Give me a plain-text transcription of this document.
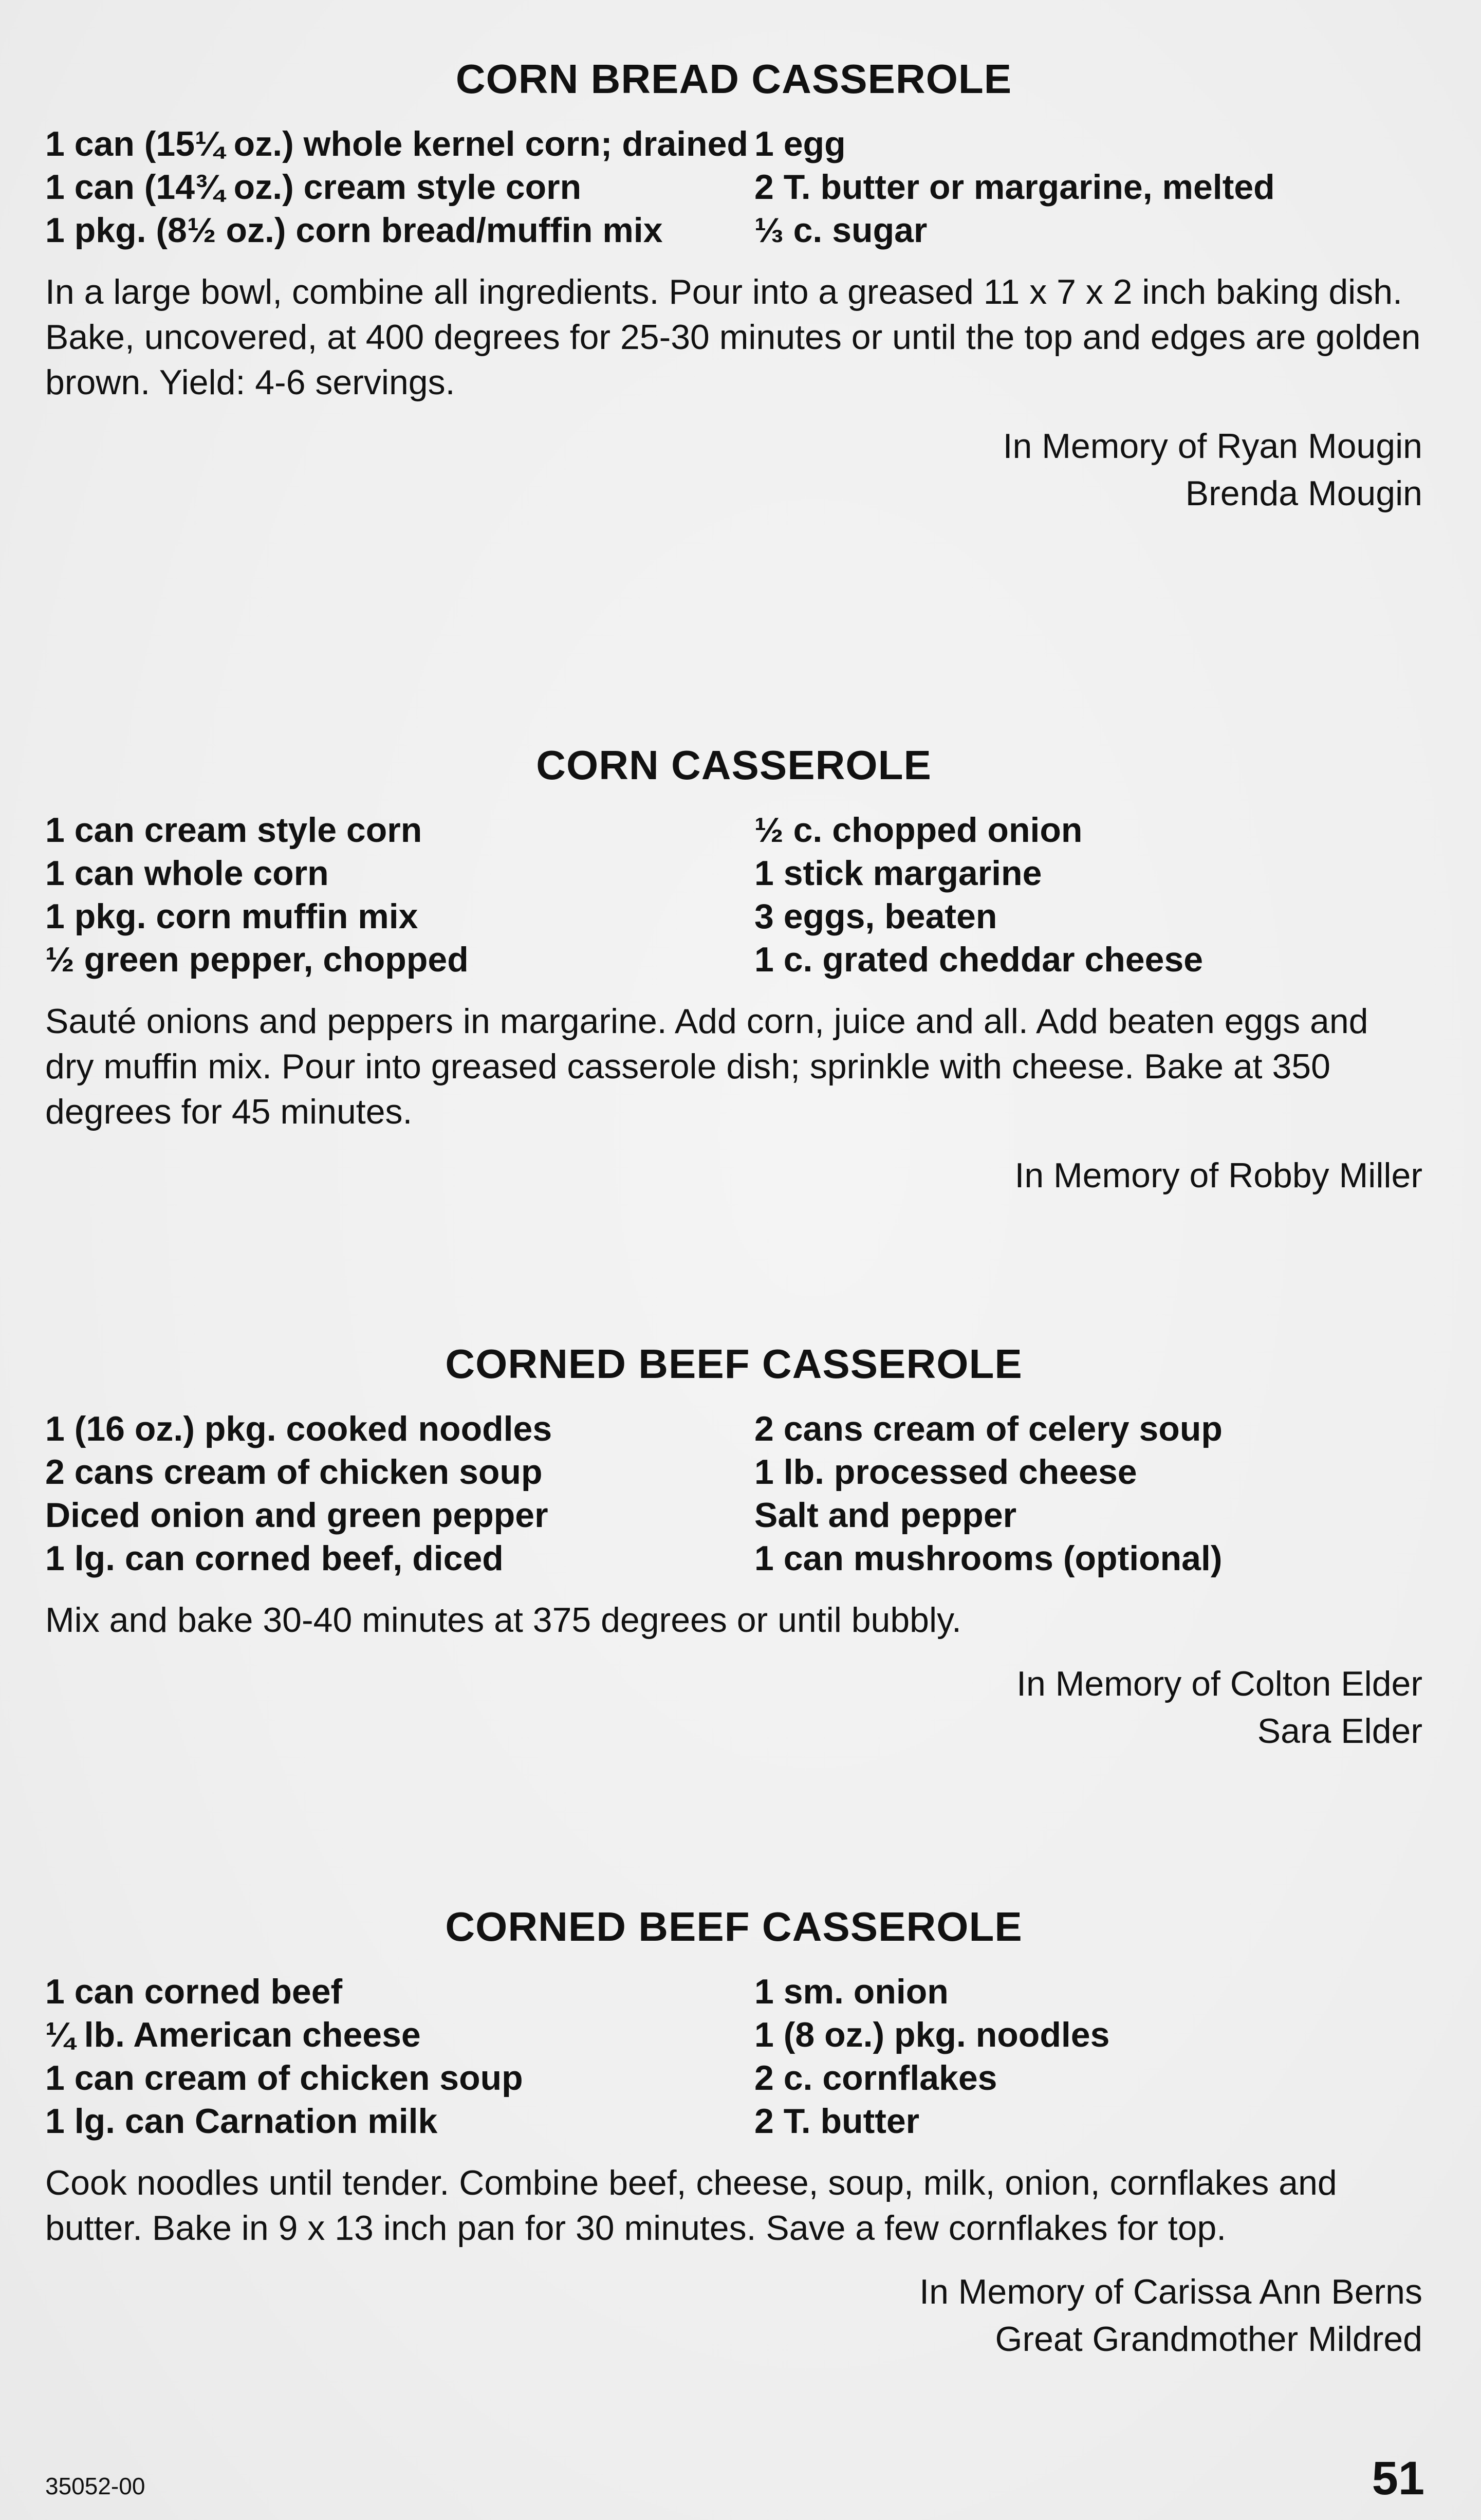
CORN BREAD CASSEROLE

1 can (15¼ oz.) whole kernel corn; drained

1 can (14¾ oz.) cream style corn

1 pkg. (8½ oz.) corn bread/muffin mix

1 egg

2 T. butter or margarine, melted

⅓ c. sugar

In a large bowl, combine all ingredients. Pour into a greased 11 x 7 x 2 inch baking dish. Bake, uncovered, at 400 degrees for 25-30 minutes or until the top and edges are golden brown. Yield: 4-6 servings.
In Memory of Ryan Mougin
Brenda Mougin
CORN CASSEROLE

1 can cream style corn

1 can whole corn

1 pkg. corn muffin mix

½ green pepper, chopped

½ c. chopped onion

1 stick margarine

3 eggs, beaten

1 c. grated cheddar cheese

Sauté onions and peppers in margarine. Add corn, juice and all. Add beaten eggs and dry muffin mix. Pour into greased casserole dish; sprinkle with cheese. Bake at 350 degrees for 45 minutes.
In Memory of Robby Miller
CORNED BEEF CASSEROLE

1 (16 oz.) pkg. cooked noodles

2 cans cream of chicken soup

Diced onion and green pepper

1 lg. can corned beef, diced

2 cans cream of celery soup

1 lb. processed cheese

Salt and pepper

1 can mushrooms (optional)

Mix and bake 30-40 minutes at 375 degrees or until bubbly.
In Memory of Colton Elder
Sara Elder
CORNED BEEF CASSEROLE

1 can corned beef

¼ lb. American cheese

1 can cream of chicken soup

1 lg. can Carnation milk

1 sm. onion

1 (8 oz.) pkg. noodles

2 c. cornflakes

2 T. butter

Cook noodles until tender. Combine beef, cheese, soup, milk, onion, cornflakes and butter. Bake in 9 x 13 inch pan for 30 minutes. Save a few cornflakes for top.
In Memory of Carissa Ann Berns
Great Grandmother Mildred
35052-00	51
